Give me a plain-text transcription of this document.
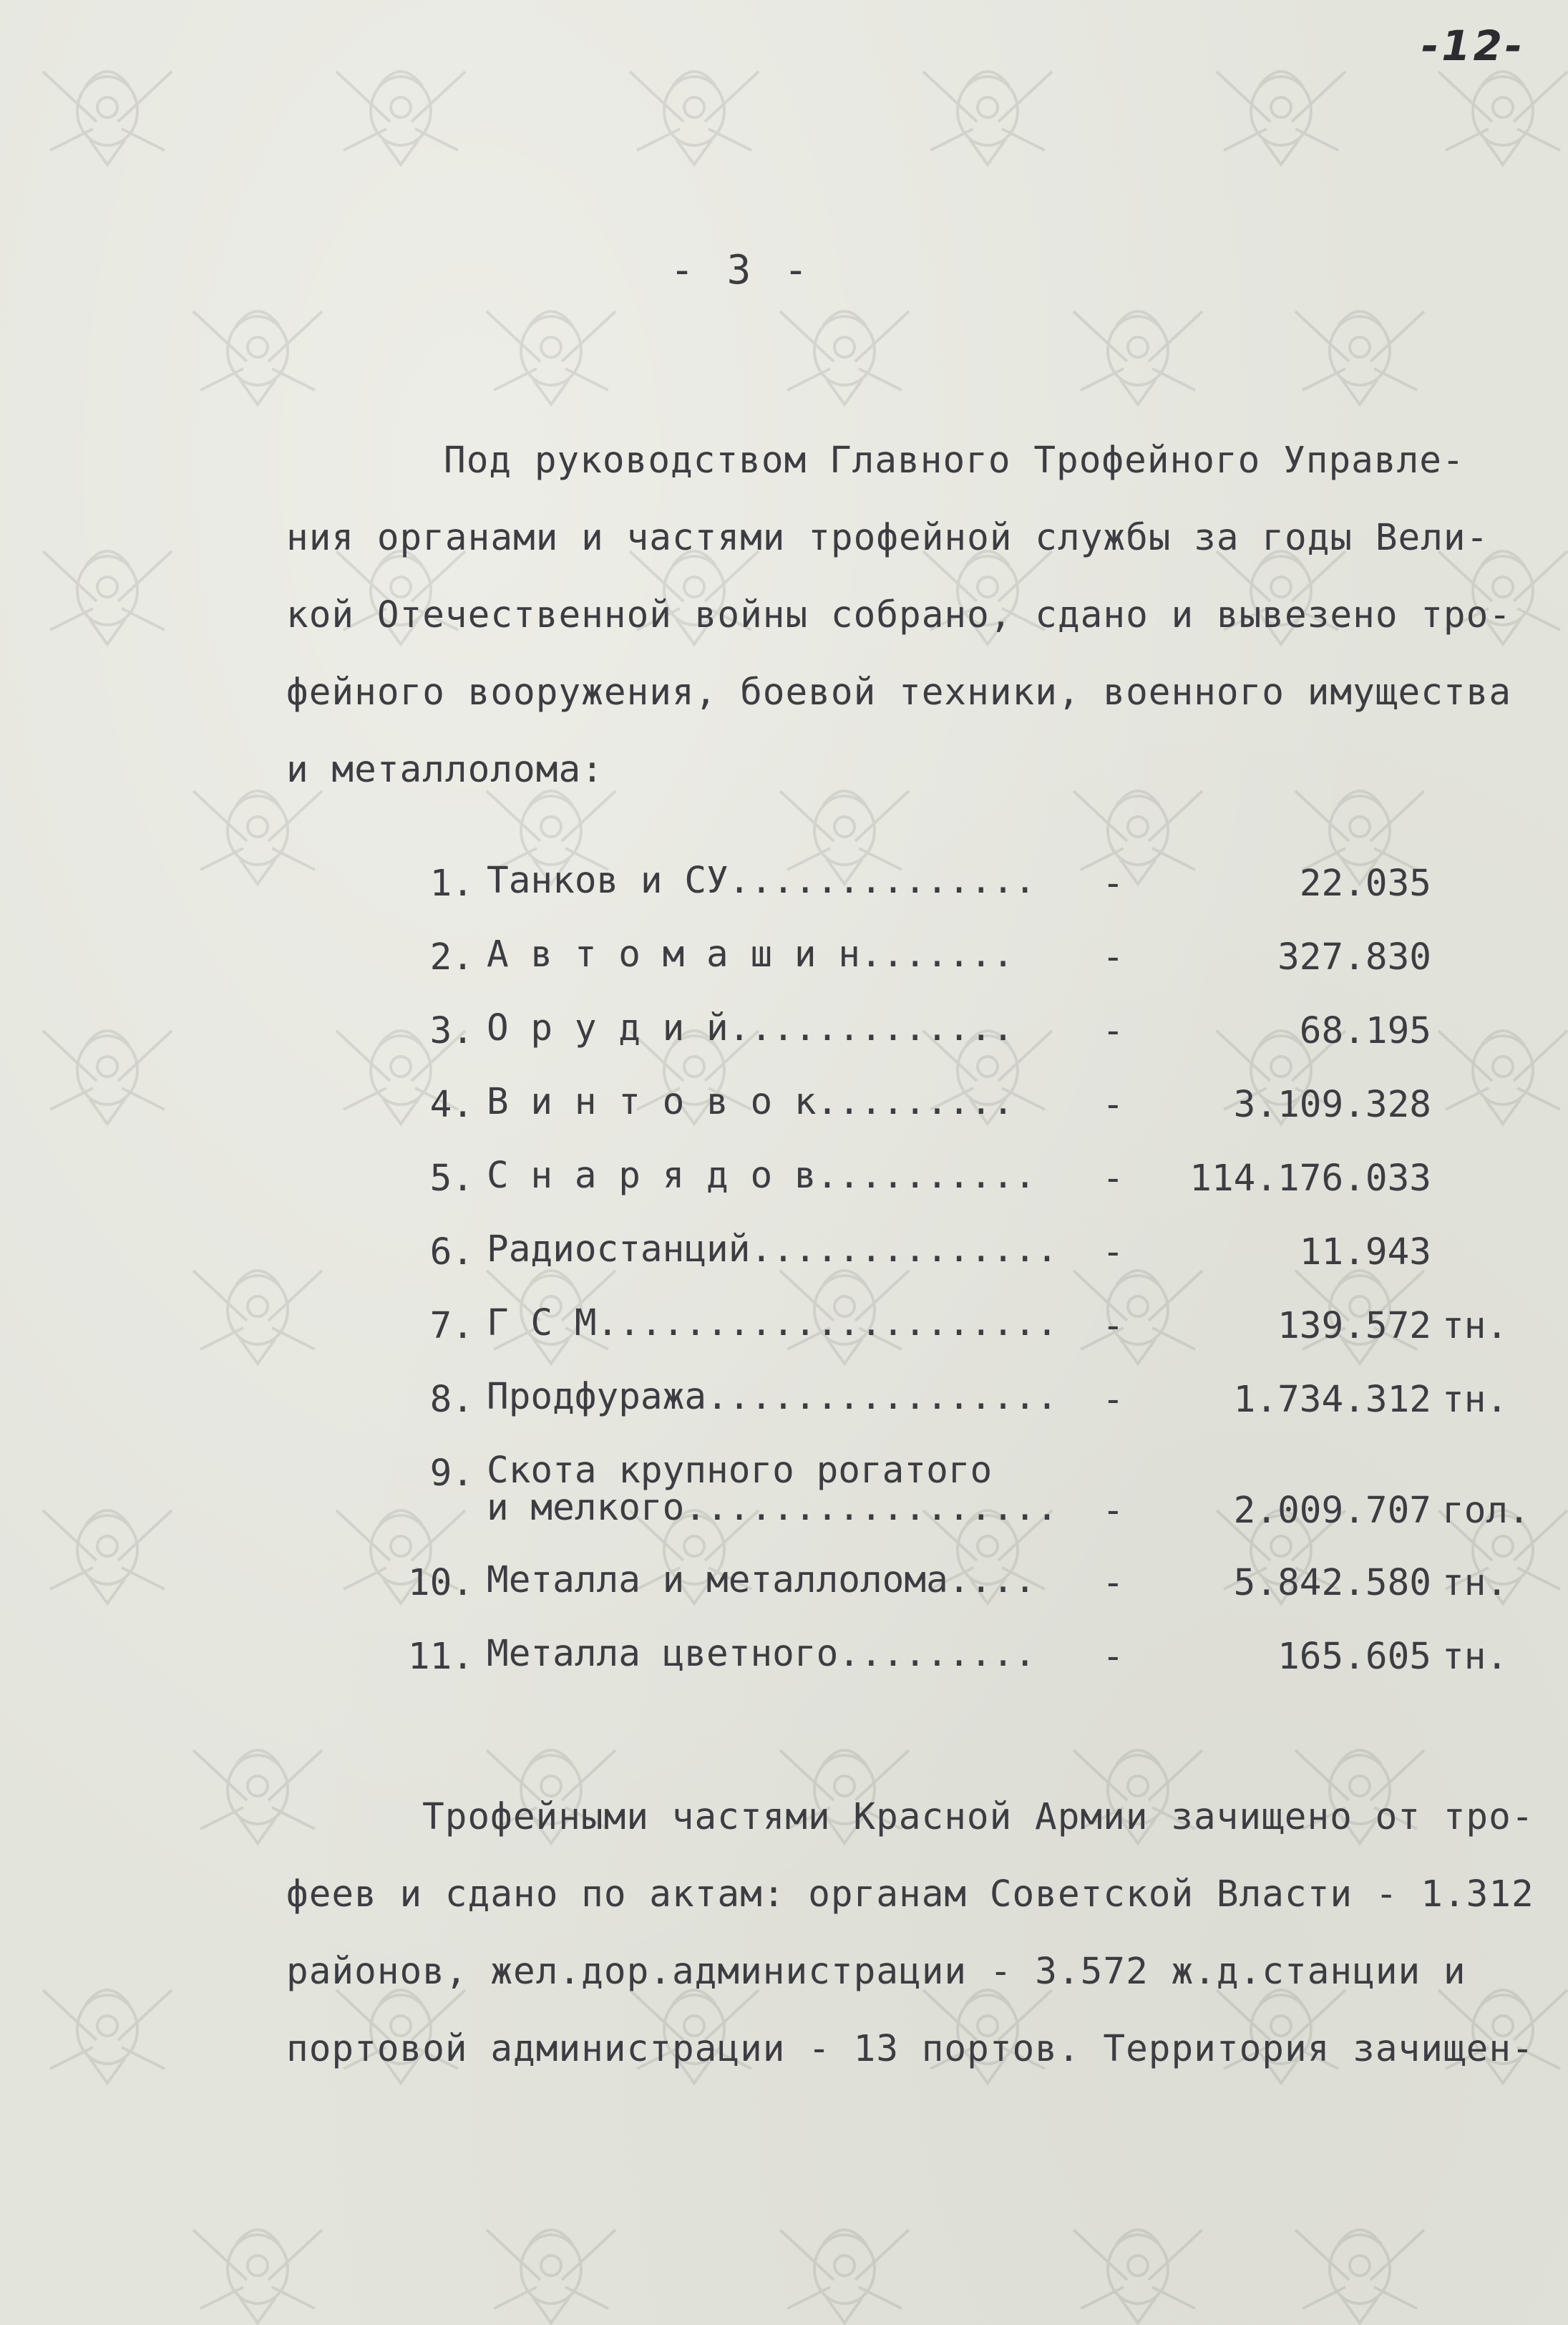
-12-
- 3 -
Под руководством Главного Трофейного Управле-
ния органами и частями трофейной службы за годы Вели-
кой Отечественной войны собрано, сдано и вывезено тро-
фейного вооружения, боевой техники, военного имущества
и металлолома:
1. Танков и СУ..............	-	22.035
2. А в т о м а ш и н.......	-	327.830
3. О р у д и й.............	-	68.195
4. В и н т о в о к.........	-	3.109.328
5. С н а р я д о в..........	-	114.176.033
6. Радиостанций..............	-	11.943
7. Г С М.....................	-	139.572 тн.
8. Продфуража................	-	1.734.312 тн.
9. Скота крупного рогатого
и мелкого.................	-	2.009.707 гол.
10. Металла и металлолома....	-	5.842.580 тн.
11. Металла цветного.........	-	165.605 тн.
Трофейными частями Красной Армии зачищено от тро-
феев и сдано по актам: органам Советской Власти - 1.312
районов, жел.дор.администрации - 3.572 ж.д.станции и
портовой администрации - 13 портов. Территория зачищен-
